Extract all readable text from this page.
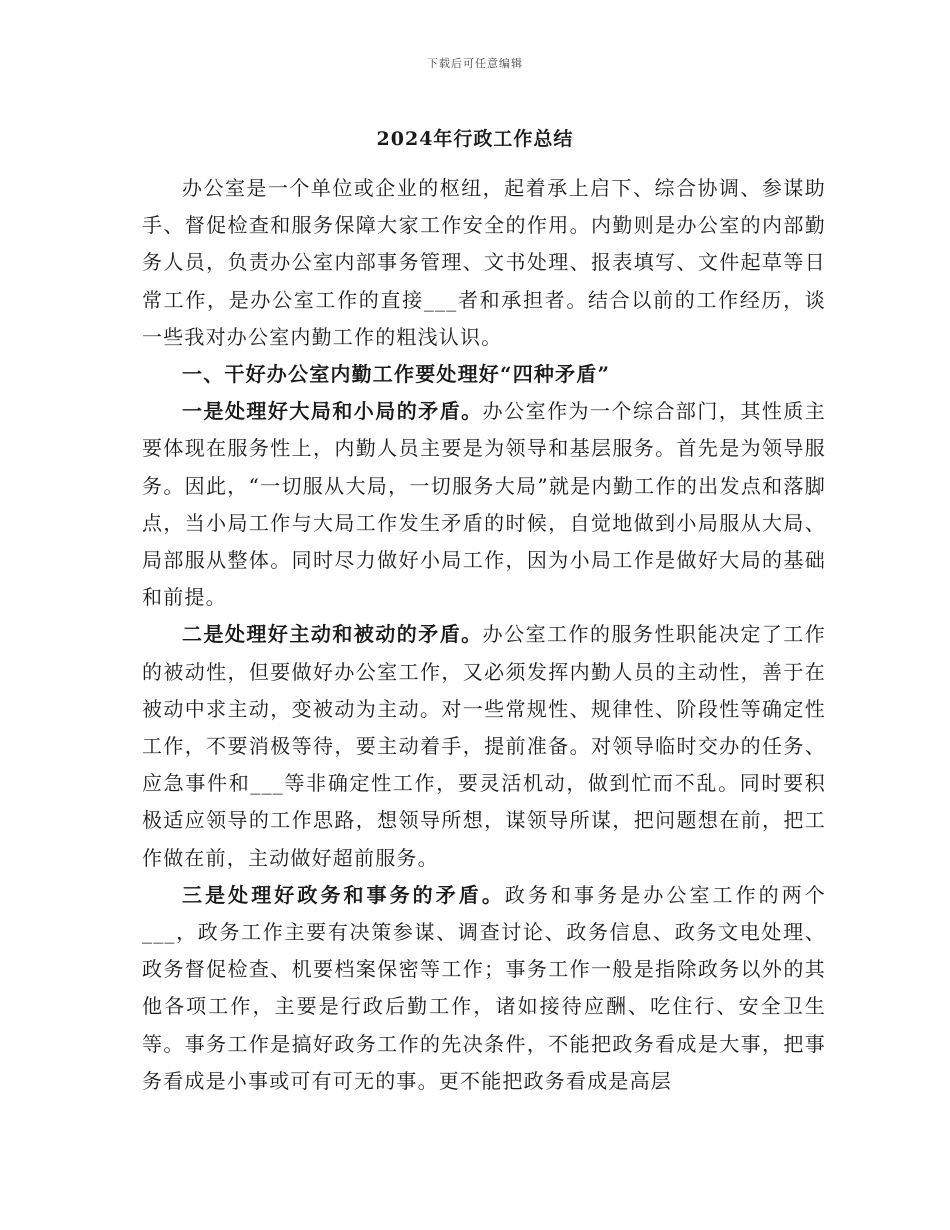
下载后可任意编辑
2024年行政工作总结

办公室是一个单位或企业的枢纽，起着承上启下、综合协调、参谋助手、督促检查和服务保障大家工作安全的作用。内勤则是办公室的内部勤务人员，负责办公室内部事务管理、文书处理、报表填写、文件起草等日常工作，是办公室工作的直接___者和承担者。结合以前的工作经历，谈一些我对办公室内勤工作的粗浅认识。

一、干好办公室内勤工作要处理好“四种矛盾”

一是处理好大局和小局的矛盾。办公室作为一个综合部门，其性质主要体现在服务性上，内勤人员主要是为领导和基层服务。首先是为领导服务。因此，“一切服从大局，一切服务大局”就是内勤工作的出发点和落脚点，当小局工作与大局工作发生矛盾的时候，自觉地做到小局服从大局、局部服从整体。同时尽力做好小局工作，因为小局工作是做好大局的基础和前提。

二是处理好主动和被动的矛盾。办公室工作的服务性职能决定了工作的被动性，但要做好办公室工作，又必须发挥内勤人员的主动性，善于在被动中求主动，变被动为主动。对一些常规性、规律性、阶段性等确定性工作，不要消极等待，要主动着手，提前准备。对领导临时交办的任务、应急事件和___等非确定性工作，要灵活机动，做到忙而不乱。同时要积极适应领导的工作思路，想领导所想，谋领导所谋，把问题想在前，把工作做在前，主动做好超前服务。

三是处理好政务和事务的矛盾。政务和事务是办公室工作的两个___，政务工作主要有决策参谋、调查讨论、政务信息、政务文电处理、政务督促检查、机要档案保密等工作；事务工作一般是指除政务以外的其他各项工作，主要是行政后勤工作，诸如接待应酬、吃住行、安全卫生等。事务工作是搞好政务工作的先决条件，不能把政务看成是大事，把事务看成是小事或可有可无的事。更不能把政务看成是高层
